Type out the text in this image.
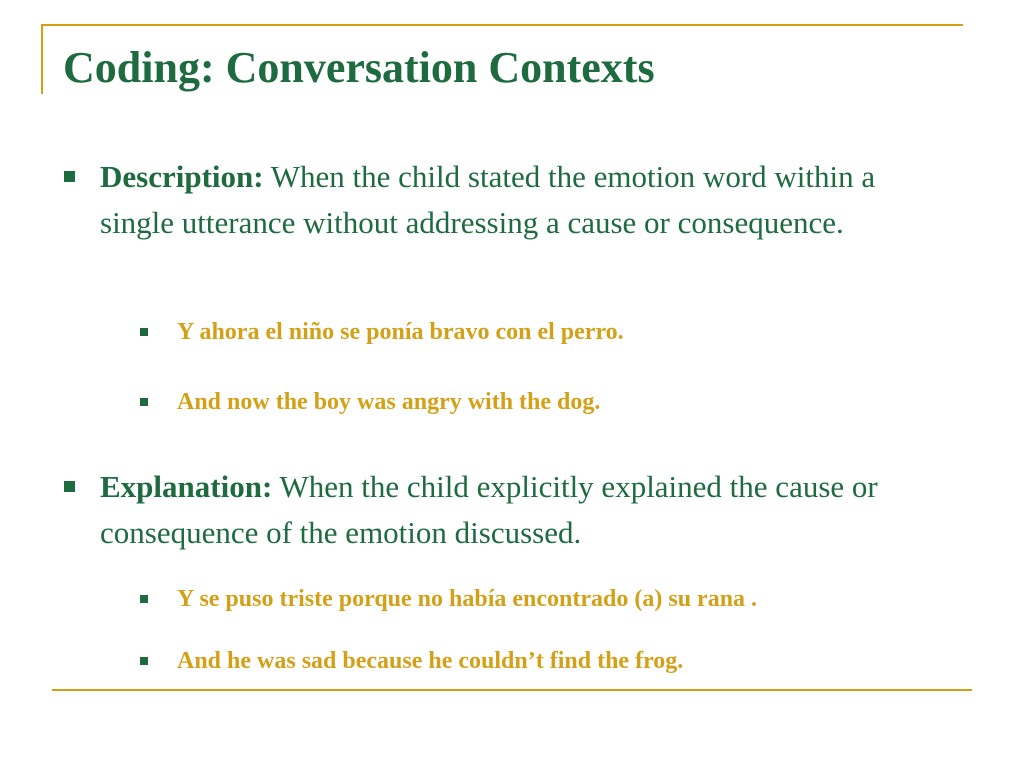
Coding: Conversation Contexts
Description: When the child stated the emotion word within a single utterance without addressing a cause or consequence.
Y ahora el niño se ponía bravo con el perro.
And now the boy was angry with the dog.
Explanation: When the child explicitly explained the cause or consequence of the emotion discussed.
Y se puso triste porque no había encontrado (a) su rana .
And he was sad because he couldn’t find the frog.
